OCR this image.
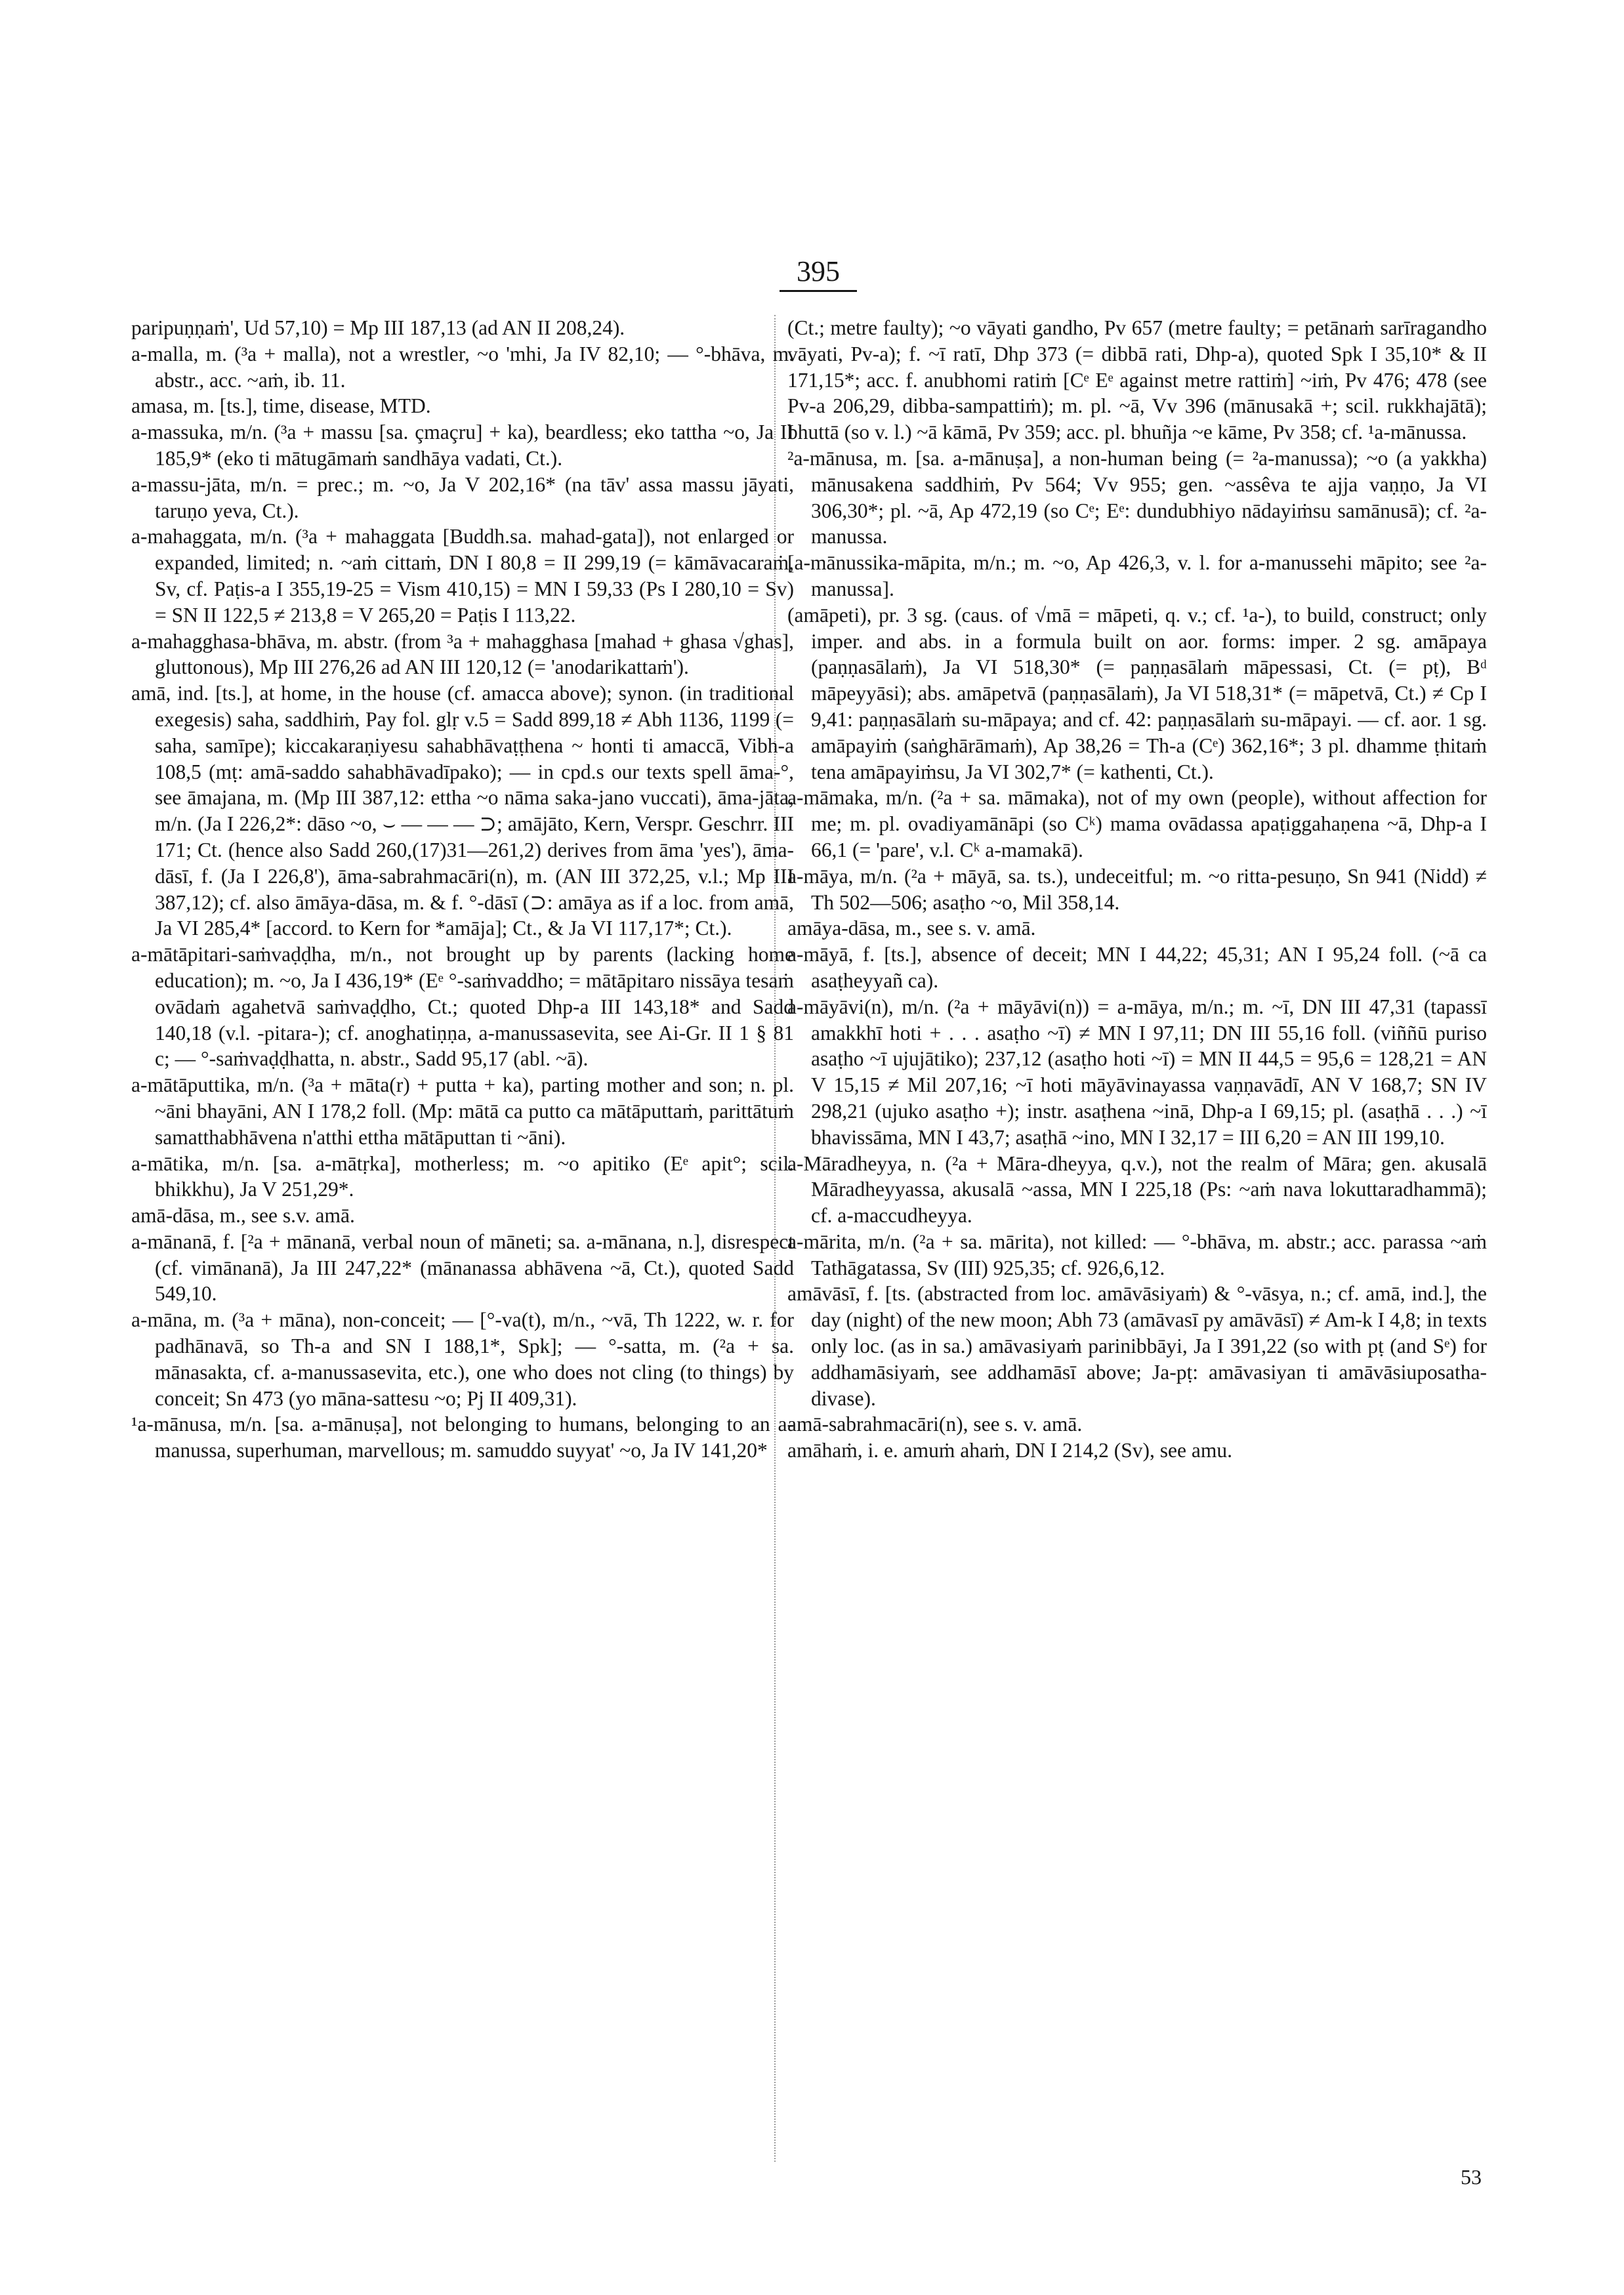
395

paripuṇṇaṁ', Ud 57,10) = Mp III 187,13 (ad AN II 208,24).

a-malla, m. (³a + malla), not a wrestler, ~o 'mhi, Ja IV 82,10; — °-bhāva, m. abstr., acc. ~aṁ, ib. 11.

amasa, m. [ts.], time, disease, MTD.

a-massuka, m/n. (³a + massu [sa. çmaçru] + ka), beardless; eko tattha ~o, Ja II 185,9* (eko ti mātugāmaṁ sandhāya vadati, Ct.).

a-massu-jāta, m/n. = prec.; m. ~o, Ja V 202,16* (na tāv' assa massu jāyati, taruṇo yeva, Ct.).

a-mahaggata, m/n. (³a + mahaggata [Buddh.sa. mahad-gata]), not enlarged or expanded, limited; n. ~aṁ cittaṁ, DN I 80,8 = II 299,19 (= kāmāvacaraṁ, Sv, cf. Paṭis-a I 355,19-25 = Vism 410,15) = MN I 59,33 (Ps I 280,10 = Sv) = SN II 122,5 ≠ 213,8 = V 265,20 = Paṭis I 113,22.

a-mahagghasa-bhāva, m. abstr. (from ³a + mahagghasa [mahad + ghasa √ghas], gluttonous), Mp III 276,26 ad AN III 120,12 (= 'anodarikattaṁ').

amā, ind. [ts.], at home, in the house (cf. amacca above); synon. (in traditional exegesis) saha, saddhiṁ, Pay fol. glṛ v.5 = Sadd 899,18 ≠ Abh 1136, 1199 (= saha, samīpe); kiccakaraṇiyesu sahabhāvaṭṭhena ~ honti ti amaccā, Vibh-a 108,5 (mṭ: amā-saddo sahabhāvadīpako); — in cpd.s our texts spell āma-°, see āmajana, m. (Mp III 387,12: ettha ~o nāma saka-jano vuccati), āma-jāta, m/n. (Ja I 226,2*: dāso ~o, ⌣ — — — ⊃; amājāto, Kern, Verspr. Geschrr. III 171; Ct. (hence also Sadd 260,(17)31—261,2) derives from āma 'yes'), āma-dāsī, f. (Ja I 226,8'), āma-sabrahmacāri(n), m. (AN III 372,25, v.l.; Mp III 387,12); cf. also āmāya-dāsa, m. & f. °-dāsī (⊃: amāya as if a loc. from amā, Ja VI 285,4* [accord. to Kern for *amāja]; Ct., & Ja VI 117,17*; Ct.).

a-mātāpitari-saṁvaḍḍha, m/n., not brought up by parents (lacking home education); m. ~o, Ja I 436,19* (Eᵉ °-saṁvaddho; = mātāpitaro nissāya tesaṁ ovādaṁ agahetvā saṁvaḍḍho, Ct.; quoted Dhp-a III 143,18* and Sadd 140,18 (v.l. -pitara-); cf. anoghatiṇṇa, a-manussasevita, see Ai-Gr. II 1 § 81 c; — °-saṁvaḍḍhatta, n. abstr., Sadd 95,17 (abl. ~ā).

a-mātāputtika, m/n. (³a + māta(r) + putta + ka), parting mother and son; n. pl. ~āni bhayāni, AN I 178,2 foll. (Mp: mātā ca putto ca mātāputtaṁ, parittātuṁ samatthabhāvena n'atthi ettha mātāputtan ti ~āni).

a-mātika, m/n. [sa. a-mātṛka], motherless; m. ~o apitiko (Eᵉ apit°; scil. bhikkhu), Ja V 251,29*.

amā-dāsa, m., see s.v. amā.

a-mānanā, f. [²a + mānanā, verbal noun of māneti; sa. a-mānana, n.], disrespect (cf. vimānanā), Ja III 247,22* (mānanassa abhāvena ~ā, Ct.), quoted Sadd 549,10.

a-māna, m. (³a + māna), non-conceit; — [°-va(t), m/n., ~vā, Th 1222, w. r. for padhānavā, so Th-a and SN I 188,1*, Spk]; — °-satta, m. (²a + sa. mānasakta, cf. a-manussasevita, etc.), one who does not cling (to things) by conceit; Sn 473 (yo māna-sattesu ~o; Pj II 409,31).

¹a-mānusa, m/n. [sa. a-mānuṣa], not belonging to humans, belonging to an a-manussa, superhuman, marvellous; m. samuddo suyyat' ~o, Ja IV 141,20*

(Ct.; metre faulty); ~o vāyati gandho, Pv 657 (metre faulty; = petānaṁ sarīragandho vāyati, Pv-a); f. ~ī ratī, Dhp 373 (= dibbā rati, Dhp-a), quoted Spk I 35,10* & II 171,15*; acc. f. anubhomi ratiṁ [Cᵉ Eᵉ against metre rattiṁ] ~iṁ, Pv 476; 478 (see Pv-a 206,29, dibba-sampattiṁ); m. pl. ~ā, Vv 396 (mānusakā +; scil. rukkhajātā); bhuttā (so v. l.) ~ā kāmā, Pv 359; acc. pl. bhuñja ~e kāme, Pv 358; cf. ¹a-mānussa.

²a-mānusa, m. [sa. a-mānuṣa], a non-human being (= ²a-manussa); ~o (a yakkha) mānusakena saddhiṁ, Pv 564; Vv 955; gen. ~assêva te ajja vaṇṇo, Ja VI 306,30*; pl. ~ā, Ap 472,19 (so Cᵉ; Eᵉ: dundubhiyo nādayiṁsu samānusā); cf. ²a-manussa.

[a-mānussika-māpita, m/n.; m. ~o, Ap 426,3, v. l. for a-manussehi māpito; see ²a-manussa].

(amāpeti), pr. 3 sg. (caus. of √mā = māpeti, q. v.; cf. ¹a-), to build, construct; only imper. and abs. in a formula built on aor. forms: imper. 2 sg. amāpaya (paṇṇasālaṁ), Ja VI 518,30* (= paṇṇasālaṁ māpessasi, Ct. (= pṭ), Bᵈ māpeyyāsi); abs. amāpetvā (paṇṇasālaṁ), Ja VI 518,31* (= māpetvā, Ct.) ≠ Cp I 9,41: paṇṇasālaṁ su-māpaya; and cf. 42: paṇṇasālaṁ su-māpayi. — cf. aor. 1 sg. amāpayiṁ (saṅghārāmaṁ), Ap 38,26 = Th-a (Cᵉ) 362,16*; 3 pl. dhamme ṭhitaṁ tena amāpayiṁsu, Ja VI 302,7* (= kathenti, Ct.).

a-māmaka, m/n. (²a + sa. māmaka), not of my own (people), without affection for me; m. pl. ovadiyamānāpi (so Cᵏ) mama ovādassa apaṭiggahaṇena ~ā, Dhp-a I 66,1 (= 'pare', v.l. Cᵏ a-mamakā).

a-māya, m/n. (²a + māyā, sa. ts.), undeceitful; m. ~o ritta-pesuṇo, Sn 941 (Nidd) ≠ Th 502—506; asaṭho ~o, Mil 358,14.

amāya-dāsa, m., see s. v. amā.

a-māyā, f. [ts.], absence of deceit; MN I 44,22; 45,31; AN I 95,24 foll. (~ā ca asaṭheyyañ ca).

a-māyāvi(n), m/n. (²a + māyāvi(n)) = a-māya, m/n.; m. ~ī, DN III 47,31 (tapassī amakkhī hoti + . . . asaṭho ~ī) ≠ MN I 97,11; DN III 55,16 foll. (viññū puriso asaṭho ~ī ujujātiko); 237,12 (asaṭho hoti ~ī) = MN II 44,5 = 95,6 = 128,21 = AN V 15,15 ≠ Mil 207,16; ~ī hoti māyāvinayassa vaṇṇavādī, AN V 168,7; SN IV 298,21 (ujuko asaṭho +); instr. asaṭhena ~inā, Dhp-a I 69,15; pl. (asaṭhā . . .) ~ī bhavissāma, MN I 43,7; asaṭhā ~ino, MN I 32,17 = III 6,20 = AN III 199,10.

a-Māradheyya, n. (²a + Māra-dheyya, q.v.), not the realm of Māra; gen. akusalā Māradheyyassa, akusalā ~assa, MN I 225,18 (Ps: ~aṁ nava lokuttaradhammā); cf. a-maccudheyya.

a-mārita, m/n. (²a + sa. mārita), not killed: — °-bhāva, m. abstr.; acc. parassa ~aṁ Tathāgatassa, Sv (III) 925,35; cf. 926,6,12.

amāvāsī, f. [ts. (abstracted from loc. amāvāsiyaṁ) & °-vāsya, n.; cf. amā, ind.], the day (night) of the new moon; Abh 73 (amāvasī py amāvāsī) ≠ Am-k I 4,8; in texts only loc. (as in sa.) amāvasiyaṁ parinibbāyi, Ja I 391,22 (so with pṭ (and Sᵉ) for addhamāsiyaṁ, see addhamāsī above; Ja-pṭ: amāvasiyan ti amāvāsiuposatha-divase).

amā-sabrahmacāri(n), see s. v. amā.

amāhaṁ, i. e. amuṁ ahaṁ, DN I 214,2 (Sv), see amu.

53
